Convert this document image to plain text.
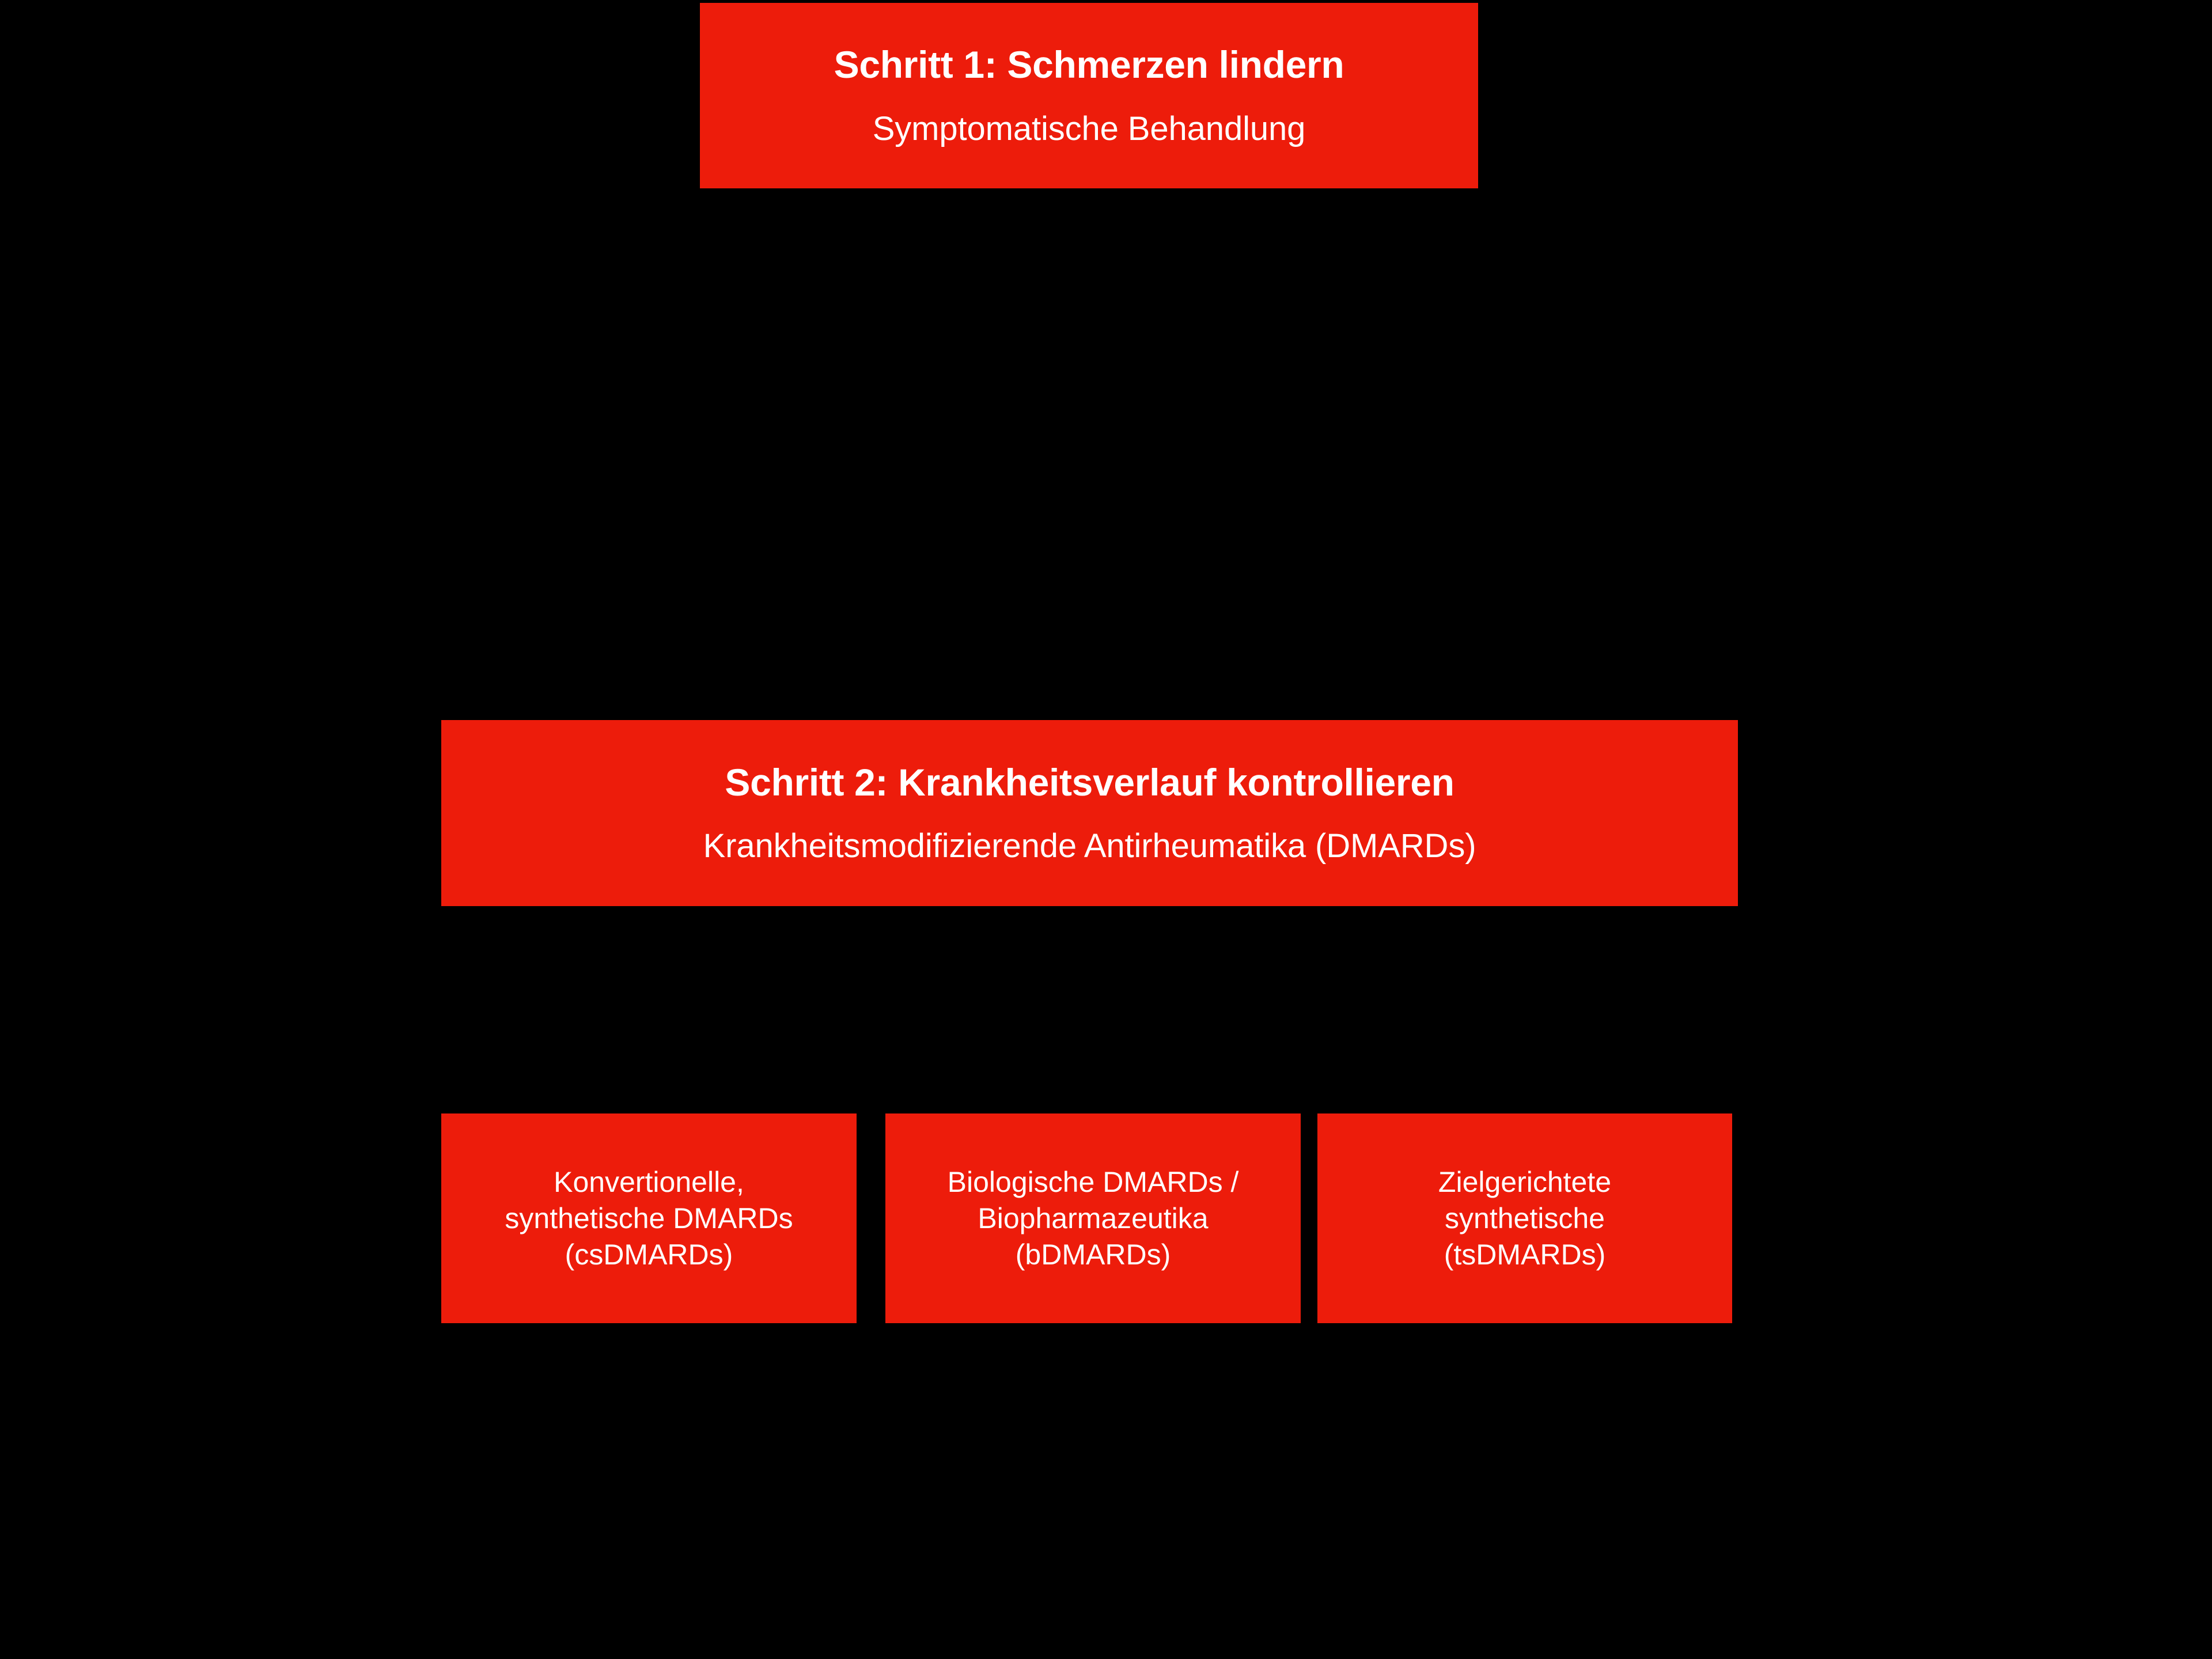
Schritt 1: Schmerzen lindern
Symptomatische Behandlung
Schritt 2: Krankheitsverlauf kontrollieren
Krankheitsmodifizierende Antirheumatika (DMARDs)
Konvertionelle,
synthetische DMARDs
(csDMARDs)
Biologische DMARDs /
Biopharmazeutika
(bDMARDs)
Zielgerichtete
synthetische
(tsDMARDs)
